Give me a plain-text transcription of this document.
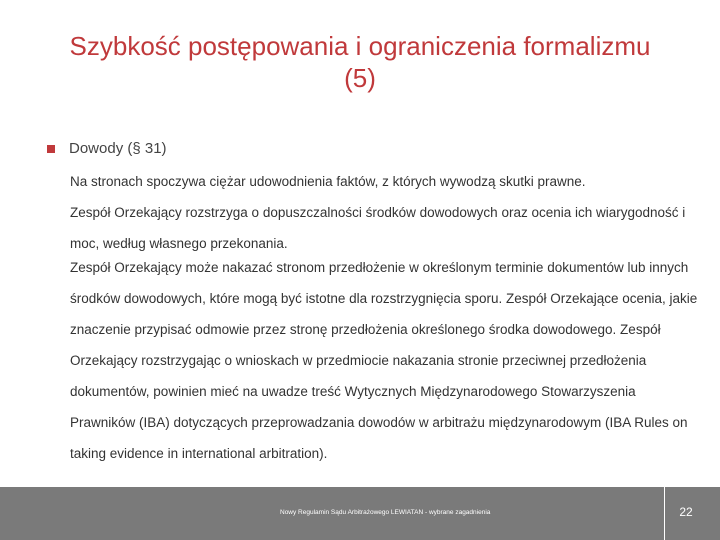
Szybkość postępowania i ograniczenia formalizmu
(5)
Dowody (§ 31)

Na stronach spoczywa ciężar udowodnienia faktów, z których wywodzą skutki prawne.

Zespół Orzekający rozstrzyga o dopuszczalności środków dowodowych oraz ocenia ich wiarygodność i moc, według własnego przekonania.

Zespół Orzekający może nakazać stronom przedłożenie w określonym terminie dokumentów lub innych środków dowodowych, które mogą być istotne dla rozstrzygnięcia sporu. Zespół Orzekające ocenia, jakie znaczenie przypisać odmowie przez stronę przedłożenia określonego środka dowodowego. Zespół Orzekający rozstrzygając o wnioskach w przedmiocie nakazania stronie przeciwnej przedłożenia dokumentów, powinien mieć na uwadze treść Wytycznych Międzynarodowego Stowarzyszenia Prawników (IBA) dotyczących przeprowadzania dowodów w arbitrażu międzynarodowym (IBA Rules on taking evidence in international arbitration).

Nowy Regulamin Sądu Arbitrażowego LEWIATAN - wybrane zagadnienia	22
